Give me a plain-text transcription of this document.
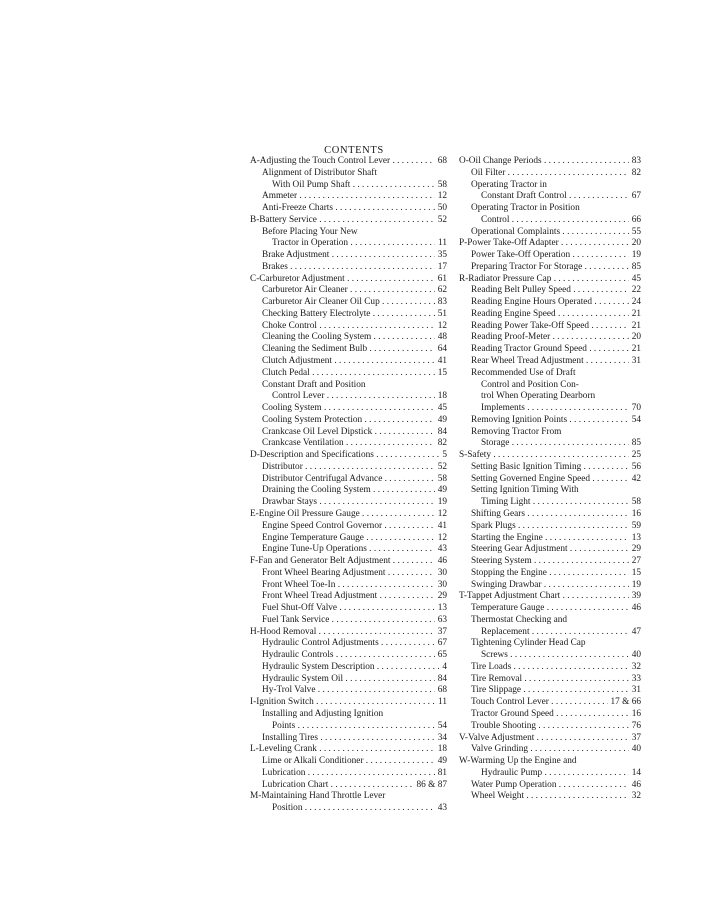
CONTENTS
A-Adjusting the Touch Control Lever . . .	68
Alignment of Distributor Shaft
With Oil Pump Shaft . . .	58
Ammeter . . .	12
Anti-Freeze Charts . . .	50
B-Battery Service . . .	52
Before Placing Your New
Tractor in Operation . . .	11
Brake Adjustment . . .	35
Brakes . . .	17
C-Carburetor Adjustment . . .	61
Carburetor Air Cleaner . . .	62
Carburetor Air Cleaner Oil Cup . . .	83
Checking Battery Electrolyte . . .	51
Choke Control . . .	12
Cleaning the Cooling System . . .	48
Cleaning the Sediment Bulb . . .	64
Clutch Adjustment . . .	41
Clutch Pedal . . .	15
Constant Draft and Position
Control Lever . . .	18
Cooling System . . .	45
Cooling System Protection . . .	49
Crankcase Oil Level Dipstick . . .	84
Crankcase Ventilation . . .	82
D-Description and Specifications . . .	5
Distributor . . .	52
Distributor Centrifugal Advance . . .	58
Draining the Cooling System . . .	49
Drawbar Stays . . .	19
E-Engine Oil Pressure Gauge . . .	12
Engine Speed Control Governor . . .	41
Engine Temperature Gauge . . .	12
Engine Tune-Up Operations . . .	43
F-Fan and Generator Belt Adjustment . . .	46
Front Wheel Bearing Adjustment . . .	30
Front Wheel Toe-In . . .	30
Front Wheel Tread Adjustment . . .	29
Fuel Shut-Off Valve . . .	13
Fuel Tank Service . . .	63
H-Hood Removal . . .	37
Hydraulic Control Adjustments . . .	67
Hydraulic Controls . . .	65
Hydraulic System Description . . .	4
Hydraulic System Oil . . .	84
Hy-Trol Valve . . .	68
I-Ignition Switch . . .	11
Installing and Adjusting Ignition
Points . . .	54
Installing Tires . . .	34
L-Leveling Crank . . .	18
Lime or Alkali Conditioner . . .	49
Lubrication . . .	81
Lubrication Chart . . .	86 & 87
M-Maintaining Hand Throttle Lever
Position . . .	43
O-Oil Change Periods . . .	83
Oil Filter . . .	82
Operating Tractor in
Constant Draft Control . . .	67
Operating Tractor in Position
Control . . .	66
Operational Complaints . . .	55
P-Power Take-Off Adapter . . .	20
Power Take-Off Operation . . .	19
Preparing Tractor For Storage . . .	85
R-Radiator Pressure Cap . . .	45
Reading Belt Pulley Speed . . .	22
Reading Engine Hours Operated . . .	24
Reading Engine Speed . . .	21
Reading Power Take-Off Speed . . .	21
Reading Proof-Meter . . .	20
Reading Tractor Ground Speed . . .	21
Rear Wheel Tread Adjustment . . .	31
Recommended Use of Draft
Control and Position Con-
trol When Operating Dearborn
Implements . . .	70
Removing Ignition Points . . .	54
Removing Tractor From
Storage . . .	85
S-Safety . . .	25
Setting Basic Ignition Timing . . .	56
Setting Governed Engine Speed . . .	42
Setting Ignition Timing With
Timing Light . . .	58
Shifting Gears . . .	16
Spark Plugs . . .	59
Starting the Engine . . .	13
Steering Gear Adjustment . . .	29
Steering System . . .	27
Stopping the Engine . . .	15
Swinging Drawbar . . .	19
T-Tappet Adjustment Chart . . .	39
Temperature Gauge . . .	46
Thermostat Checking and
Replacement . . .	47
Tightening Cylinder Head Cap
Screws . . .	40
Tire Loads . . .	32
Tire Removal . . .	33
Tire Slippage . . .	31
Touch Control Lever . . .	17 & 66
Tractor Ground Speed . . .	16
Trouble Shooting . . .	76
V-Valve Adjustment . . .	37
Valve Grinding . . .	40
W-Warming Up the Engine and
Hydraulic Pump . . .	14
Water Pump Operation . . .	46
Wheel Weight . . .	32
